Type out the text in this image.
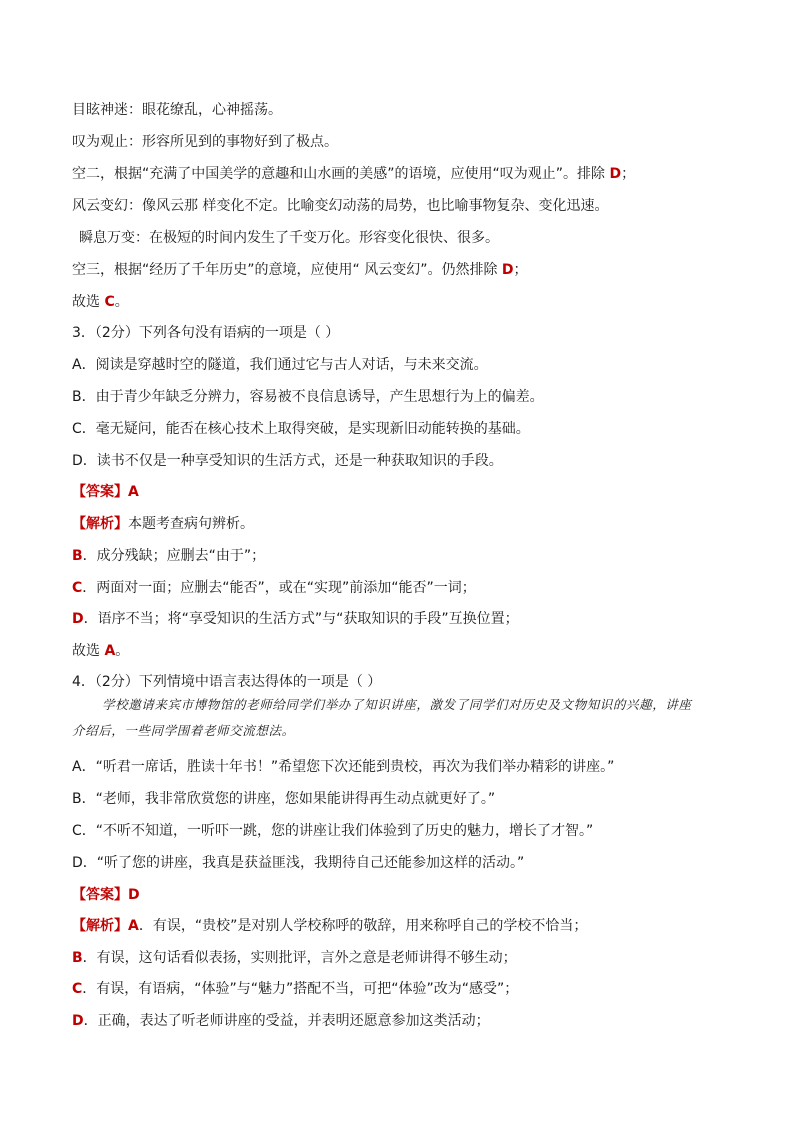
目眩神迷：眼花缭乱，心神摇荡。
叹为观止：形容所见到的事物好到了极点。
空二，根据“充满了中国美学的意趣和山水画的美感”的语境，应使用“叹为观止”。排除 D；
风云变幻：像风云那 样变化不定。比喻变幻动荡的局势，也比喻事物复杂、变化迅速。
瞬息万变：在极短的时间内发生了千变万化。形容变化很快、很多。
空三，根据“经历了千年历史”的意境，应使用“ 风云变幻”。仍然排除 D；
故选 C。
3．（2分）下列各句没有语病的一项是（ ）
A．阅读是穿越时空的隧道，我们通过它与古人对话，与未来交流。
B．由于青少年缺乏分辨力，容易被不良信息诱导，产生思想行为上的偏差。
C．毫无疑问，能否在核心技术上取得突破，是实现新旧动能转换的基础。
D．读书不仅是一种享受知识的生活方式，还是一种获取知识的手段。
【答案】A
【解析】本题考查病句辨析。
B．成分残缺；应删去“由于”；
C．两面对一面；应删去“能否”，或在“实现”前添加“能否”一词；
D．语序不当；将“享受知识的生活方式”与“获取知识的手段”互换位置；
故选 A。
4．（2分）下列情境中语言表达得体的一项是（ ）
学校邀请来宾市博物馆的老师给同学们举办了知识讲座，激发了同学们对历史及文物知识的兴趣，讲座介绍后，一些同学围着老师交流想法。
A．“听君一席话，胜读十年书！”希望您下次还能到贵校，再次为我们举办精彩的讲座。”
B．“老师，我非常欣赏您的讲座，您如果能讲得再生动点就更好了。”
C．“不听不知道，一听吓一跳，您的讲座让我们体验到了历史的魅力，增长了才智。”
D．“听了您的讲座，我真是获益匪浅，我期待自己还能参加这样的活动。”
【答案】D
【解析】A．有误，“贵校”是对别人学校称呼的敬辞，用来称呼自己的学校不恰当；
B．有误，这句话看似表扬，实则批评，言外之意是老师讲得不够生动；
C．有误，有语病，“体验”与“魅力”搭配不当，可把“体验”改为“感受”；
D．正确，表达了听老师讲座的受益，并表明还愿意参加这类活动；
